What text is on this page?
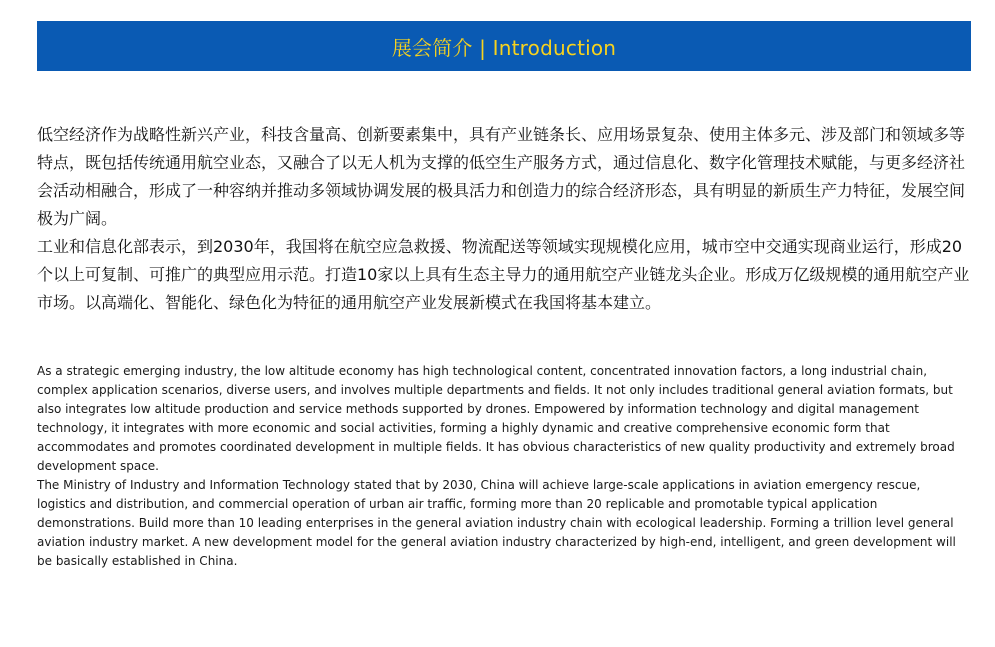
展会简介 | Introduction

低空经济作为战略性新兴产业，科技含量高、创新要素集中，具有产业链条长、应用场景复杂、使用主体多元、涉及部门和领域多等特点，既包括传统通用航空业态，又融合了以无人机为支撑的低空生产服务方式，通过信息化、数字化管理技术赋能，与更多经济社会活动相融合，形成了一种容纳并推动多领域协调发展的极具活力和创造力的综合经济形态，具有明显的新质生产力特征，发展空间极为广阔。

工业和信息化部表示，到2030年，我国将在航空应急救援、物流配送等领域实现规模化应用，城市空中交通实现商业运行，形成20个以上可复制、可推广的典型应用示范。打造10家以上具有生态主导力的通用航空产业链龙头企业。形成万亿级规模的通用航空产业市场。以高端化、智能化、绿色化为特征的通用航空产业发展新模式在我国将基本建立。

As a strategic emerging industry, the low altitude economy has high technological content, concentrated innovation factors, a long industrial chain, complex application scenarios, diverse users, and involves multiple departments and fields. It not only includes traditional general aviation formats, but also integrates low altitude production and service methods supported by drones. Empowered by information technology and digital management

technology, it integrates with more economic and social activities, forming a highly dynamic and creative comprehensive economic form that accommodates and promotes coordinated development in multiple fields. It has obvious characteristics of new quality productivity and extremely broad development space.

The Ministry of Industry and Information Technology stated that by 2030, China will achieve large-scale applications in aviation emergency rescue, logistics and distribution, and commercial operation of urban air traffic, forming more than 20 replicable and promotable typical application demonstrations. Build more than 10 leading enterprises in the general aviation industry chain with ecological leadership. Forming a trillion level general aviation industry market. A new development model for the general aviation industry characterized by high-end, intelligent, and green development will be basically established in China.
